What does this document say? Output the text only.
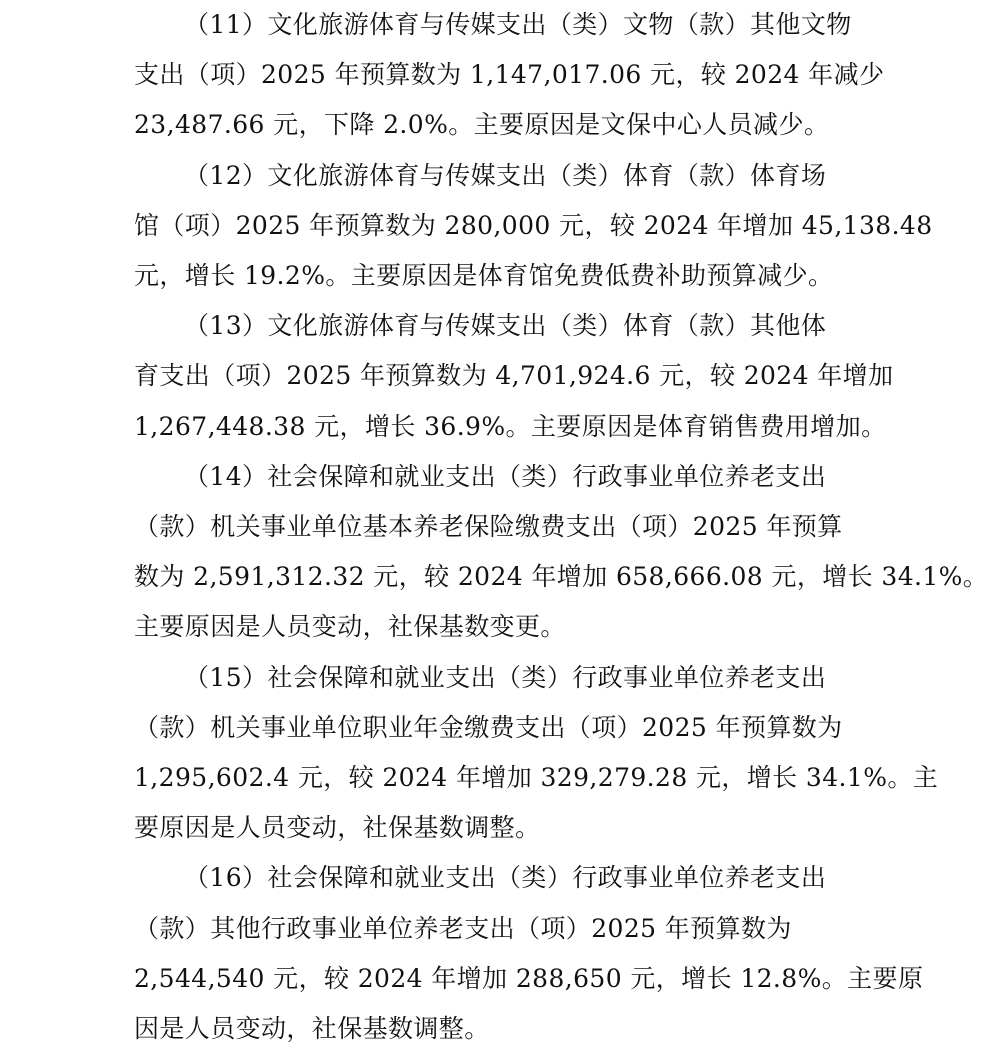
（11）文化旅游体育与传媒支出（类）文物（款）其他文物
支出（项）2025 年预算数为 1,147,017.06 元，较 2024 年减少
23,487.66 元，下降 2.0%。主要原因是文保中心人员减少。
（12）文化旅游体育与传媒支出（类）体育（款）体育场
馆（项）2025 年预算数为 280,000 元，较 2024 年增加 45,138.48
元，增长 19.2%。主要原因是体育馆免费低费补助预算减少。
（13）文化旅游体育与传媒支出（类）体育（款）其他体
育支出（项）2025 年预算数为 4,701,924.6 元，较 2024 年增加
1,267,448.38 元，增长 36.9%。主要原因是体育销售费用增加。
（14）社会保障和就业支出（类）行政事业单位养老支出
（款）机关事业单位基本养老保险缴费支出（项）2025 年预算
数为 2,591,312.32 元，较 2024 年增加 658,666.08 元，增长 34.1%。
主要原因是人员变动，社保基数变更。
（15）社会保障和就业支出（类）行政事业单位养老支出
（款）机关事业单位职业年金缴费支出（项）2025 年预算数为
1,295,602.4 元，较 2024 年增加 329,279.28 元，增长 34.1%。主
要原因是人员变动，社保基数调整。
（16）社会保障和就业支出（类）行政事业单位养老支出
（款）其他行政事业单位养老支出（项）2025 年预算数为
2,544,540 元，较 2024 年增加 288,650 元，增长 12.8%。主要原
因是人员变动，社保基数调整。
